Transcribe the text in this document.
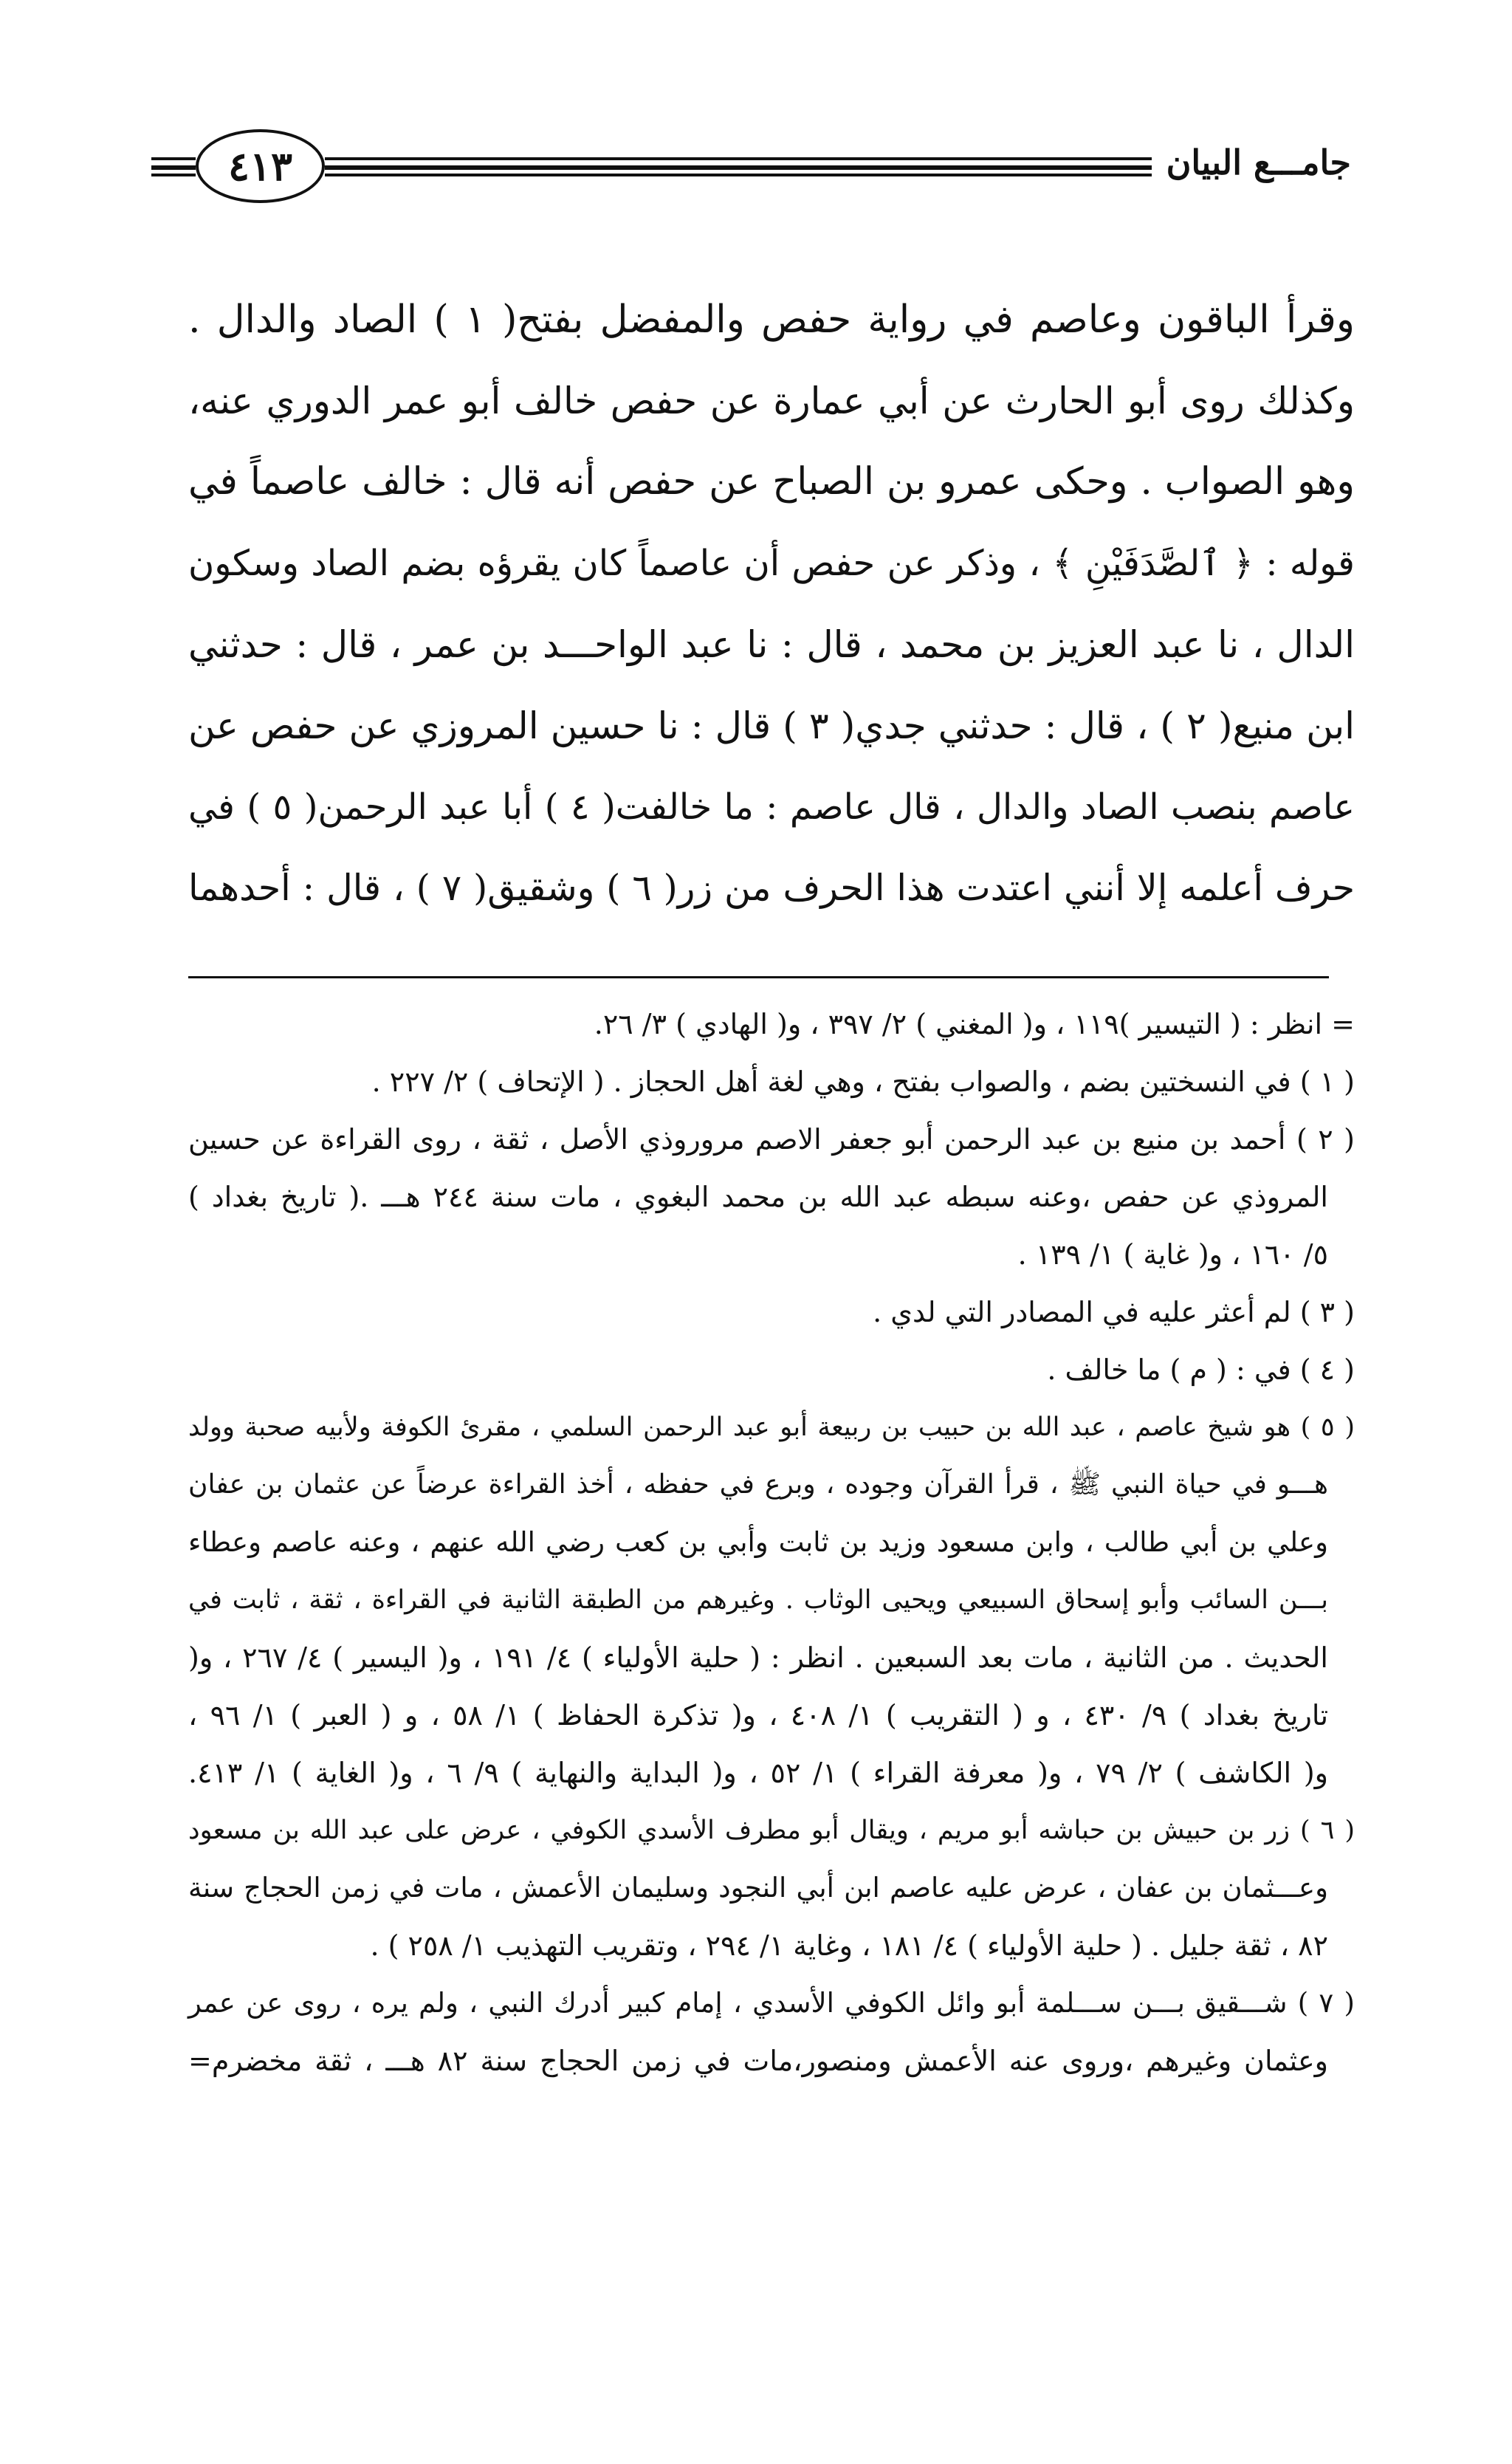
٤١٣	جامـــع البيان

وقرأ الباقون وعاصم في رواية حفص والمفضل بفتح( ١ ) الصاد والدال .

وكذلك روى أبو الحارث عن أبي عمارة عن حفص خالف أبو عمر الدوري عنه،

وهو الصواب . وحكى عمرو بن الصباح عن حفص أنه قال : خالف عاصماً في

قوله : ﴿ ٱلصَّدَفَيْنِ ﴾ ، وذكر عن حفص أن عاصماً كان يقرؤه بضم الصاد وسكون

الدال ، نا عبد العزيز بن محمد ، قال : نا عبد الواحـــد بن عمر ، قال : حدثني

ابن منيع( ٢ ) ، قال : حدثني جدي( ٣ ) قال : نا حسين المروزي عن حفص عن

عاصم بنصب الصاد والدال ، قال عاصم : ما خالفت( ٤ ) أبا عبد الرحمن( ٥ ) في

حرف أعلمه إلا أنني اعتدت هذا الحرف من زر( ٦ ) وشقيق( ٧ ) ، قال : أحدهما

= انظر : ( التيسير )١١٩ ، و( المغني ) ٢/ ٣٩٧ ، و( الهادي ) ٣/ ٢٦.

( ١ ) في النسختين بضم ، والصواب بفتح ، وهي لغة أهل الحجاز . ( الإتحاف ) ٢/ ٢٢٧ .

( ٢ ) أحمد بن منيع بن عبد الرحمن أبو جعفر الاصم مروروذي الأصل ، ثقة ، روى القراءة عن حسين

المروذي عن حفص ،وعنه سبطه عبد الله بن محمد البغوي ، مات سنة ٢٤٤ هـــ .( تاريخ بغداد )

٥/ ١٦٠ ، و( غاية ) ١/ ١٣٩ .

( ٣ ) لم أعثر عليه في المصادر التي لدي .

( ٤ ) في : ( م ) ما خالف .

( ٥ ) هو شيخ عاصم ، عبد الله بن حبيب بن ربيعة أبو عبد الرحمن السلمي ، مقرئ الكوفة ولأبيه صحبة وولد

هـــو في حياة النبي ﷺ ، قرأ القرآن وجوده ، وبرع في حفظه ، أخذ القراءة عرضاً عن عثمان بن عفان

وعلي بن أبي طالب ، وابن مسعود وزيد بن ثابت وأبي بن كعب رضي الله عنهم ، وعنه عاصم وعطاء

بـــن السائب وأبو إسحاق السبيعي ويحيى الوثاب . وغيرهم من الطبقة الثانية في القراءة ، ثقة ، ثابت في

الحديث . من الثانية ، مات بعد السبعين . انظر : ( حلية الأولياء ) ٤/ ١٩١ ، و( اليسير ) ٤/ ٢٦٧ ، و(

تاريخ بغداد ) ٩/ ٤٣٠ ، و ( التقريب ) ١/ ٤٠٨ ، و( تذكرة الحفاظ ) ١/ ٥٨ ، و ( العبر ) ١/ ٩٦ ،

و( الكاشف ) ٢/ ٧٩ ، و( معرفة القراء ) ١/ ٥٢ ، و( البداية والنهاية ) ٩/ ٦ ، و( الغاية ) ١/ ٤١٣.

( ٦ ) زر بن حبيش بن حباشه أبو مريم ، ويقال أبو مطرف الأسدي الكوفي ، عرض على عبد الله بن مسعود

وعـــثمان بن عفان ، عرض عليه عاصم ابن أبي النجود وسليمان الأعمش ، مات في زمن الحجاج سنة

٨٢ ، ثقة جليل . ( حلية الأولياء ) ٤/ ١٨١ ، وغاية ١/ ٢٩٤ ، وتقريب التهذيب ١/ ٢٥٨ ) .

( ٧ ) شـــقيق بـــن ســـلمة أبو وائل الكوفي الأسدي ، إمام كبير أدرك النبي ، ولم يره ، روى عن عمر

وعثمان وغيرهم ،وروى عنه الأعمش ومنصور،مات في زمن الحجاج سنة ٨٢ هـــ ، ثقة مخضرم=
